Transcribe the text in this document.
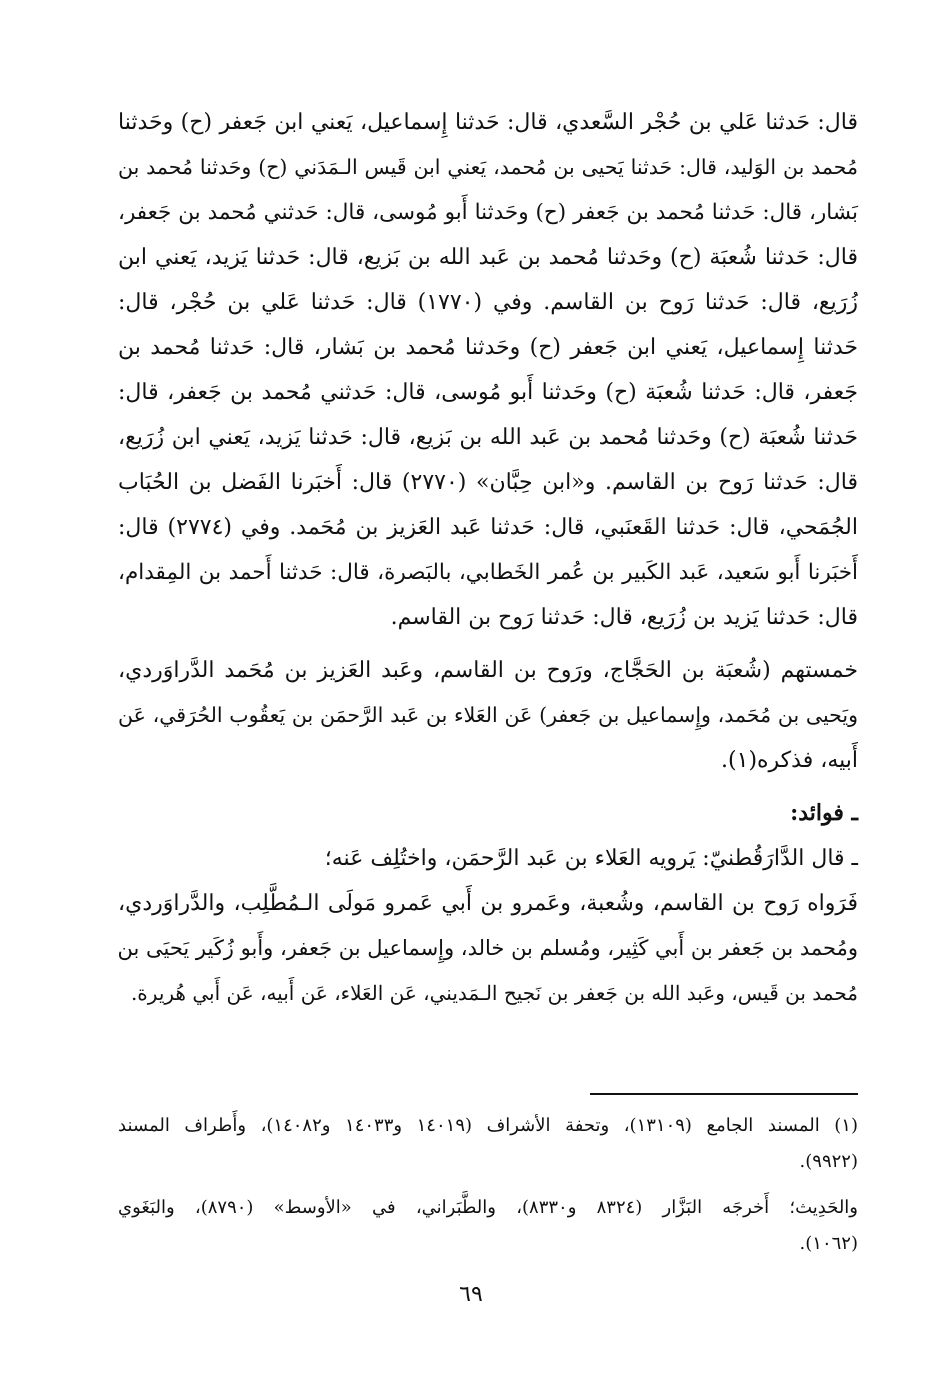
قال: حَدثنا عَلي بن حُجْر السَّعدي، قال: حَدثنا إِسماعيل، يَعني ابن جَعفر (ح) وحَدثنا
مُحمد بن الوَليد، قال: حَدثنا يَحيى بن مُحمد، يَعني ابن قَيس الـمَدَني (ح) وحَدثنا مُحمد بن
بَشار، قال: حَدثنا مُحمد بن جَعفر (ح) وحَدثنا أَبو مُوسى، قال: حَدثني مُحمد بن جَعفر،
قال: حَدثنا شُعبَة (ح) وحَدثنا مُحمد بن عَبد الله بن بَزيع، قال: حَدثنا يَزيد، يَعني ابن
زُرَيع، قال: حَدثنا رَوح بن القاسم. وفي (١٧٧٠) قال: حَدثنا عَلي بن حُجْر، قال:
حَدثنا إِسماعيل، يَعني ابن جَعفر (ح) وحَدثنا مُحمد بن بَشار، قال: حَدثنا مُحمد بن
جَعفر، قال: حَدثنا شُعبَة (ح) وحَدثنا أَبو مُوسى، قال: حَدثني مُحمد بن جَعفر، قال:
حَدثنا شُعبَة (ح) وحَدثنا مُحمد بن عَبد الله بن بَزيع، قال: حَدثنا يَزيد، يَعني ابن زُرَيع،
قال: حَدثنا رَوح بن القاسم. و«ابن حِبَّان» (٢٧٧٠) قال: أَخبَرنا الفَضل بن الحُبَاب
الجُمَحي، قال: حَدثنا القَعنَبي، قال: حَدثنا عَبد العَزيز بن مُحَمد. وفي (٢٧٧٤) قال:
أَخبَرنا أَبو سَعيد، عَبد الكَبير بن عُمر الخَطابي، بالبَصرة، قال: حَدثنا أَحمد بن المِقدام،
قال: حَدثنا يَزيد بن زُرَيع، قال: حَدثنا رَوح بن القاسم.
خمستهم (شُعبَة بن الحَجَّاج، ورَوح بن القاسم، وعَبد العَزيز بن مُحَمد الدَّراوَردي،
ويَحيى بن مُحَمد، وإِسماعيل بن جَعفر) عَن العَلاء بن عَبد الرَّحمَن بن يَعقُوب الحُرَقي، عَن
أَبيه، فذكره(١).
ـ فوائد:
ـ قال الدَّارَقُطنيّ: يَرويه العَلاء بن عَبد الرَّحمَن، واختُلِف عَنه؛
فَرَواه رَوح بن القاسم، وشُعبة، وعَمرو بن أَبي عَمرو مَولَى الـمُطَّلِب، والدَّراوَردي،
ومُحمد بن جَعفر بن أَبي كَثِير، ومُسلم بن خالد، وإِسماعيل بن جَعفر، وأَبو زُكَير يَحيَى بن
مُحمد بن قَيس، وعَبد الله بن جَعفر بن نَجيح الـمَديني، عَن العَلاء، عَن أَبيه، عَن أَبي هُريرة.
(١) المسند الجامع (١٣١٠٩)، وتحفة الأشراف (١٤٠١٩ و١٤٠٣٣ و١٤٠٨٢)، وأَطراف المسند
(٩٩٢٢).
والحَدِيث؛ أَخرجَه البَزَّار (٨٣٢٤ و٨٣٣٠)، والطَّبَراني، في «الأوسط» (٨٧٩٠)، والبَغَوي
(١٠٦٢).
٦٩
